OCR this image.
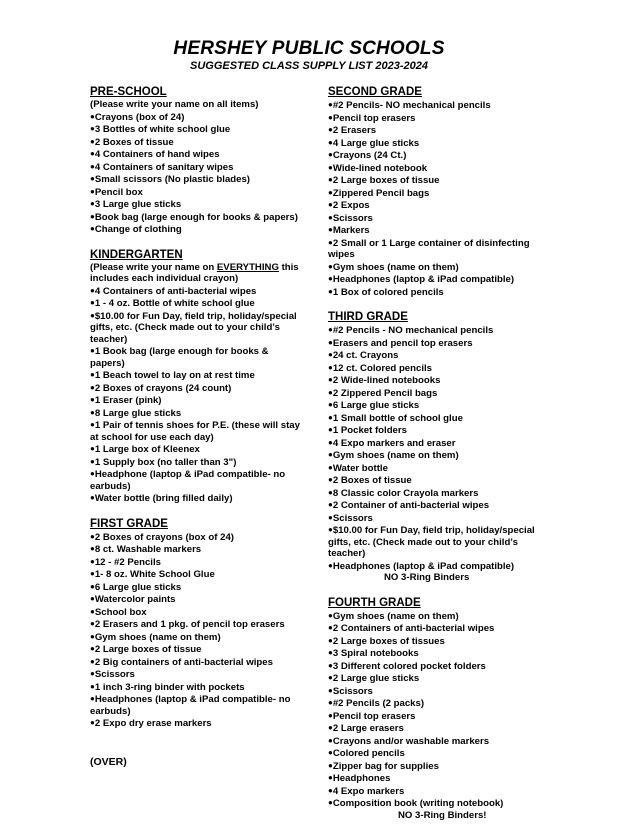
HERSHEY PUBLIC SCHOOLS
SUGGESTED CLASS SUPPLY LIST 2023-2024
PRE-SCHOOL
(Please write your name on all items)
● Crayons (box of 24)
● 3 Bottles of white school glue
● 2 Boxes of tissue
● 4 Containers of hand wipes
● 4 Containers of sanitary wipes
● Small scissors (No plastic blades)
● Pencil box
● 3 Large glue sticks
● Book bag (large enough for books & papers)
● Change of clothing
KINDERGARTEN
(Please write your name on EVERYTHING this includes each individual crayon)
● 4 Containers of anti-bacterial wipes
● 1 - 4 oz. Bottle of white school glue
● $10.00 for Fun Day, field trip, holiday/special gifts, etc. (Check made out to your child’s teacher)
● 1 Book bag (large enough for books & papers)
● 1 Beach towel to lay on at rest time
● 2 Boxes of crayons (24 count)
● 1 Eraser (pink)
● 8 Large glue sticks
● 1 Pair of tennis shoes for P.E. (these will stay at school for use each day)
● 1 Large box of Kleenex
● 1 Supply box (no taller than 3")
● Headphone (laptop & iPad compatible- no earbuds)
● Water bottle (bring filled daily)
FIRST GRADE
● 2 Boxes of crayons (box of 24)
● 8 ct. Washable markers
● 12 - #2 Pencils
● 1- 8 oz. White School Glue
● 6 Large glue sticks
● Watercolor paints
● School box
● 2 Erasers and 1 pkg. of pencil top erasers
● Gym shoes (name on them)
● 2 Large boxes of tissue
● 2 Big containers of anti-bacterial wipes
● Scissors
● 1 inch 3-ring binder with pockets
● Headphones (laptop & iPad compatible- no earbuds)
● 2 Expo dry erase markers
(OVER)
SECOND GRADE
● #2 Pencils- NO mechanical pencils
● Pencil top erasers
● 2 Erasers
● 4 Large glue sticks
● Crayons (24 Ct.)
● Wide-lined notebook
● 2 Large boxes of tissue
● Zippered Pencil bags
● 2 Expos
● Scissors
● Markers
● 2 Small or 1 Large container of disinfecting wipes
● Gym shoes (name on them)
● Headphones (laptop & iPad compatible)
● 1 Box of colored pencils
THIRD GRADE
● #2 Pencils - NO mechanical pencils
● Erasers and pencil top erasers
● 24 ct. Crayons
● 12 ct. Colored pencils
● 2 Wide-lined notebooks
● 2 Zippered Pencil bags
● 6 Large glue sticks
● 1 Small bottle of school glue
● 1 Pocket folders
● 4 Expo markers and eraser
● Gym shoes (name on them)
● Water bottle
● 2 Boxes of tissue
● 8 Classic color Crayola markers
● 2 Container of anti-bacterial wipes
● Scissors
● $10.00 for Fun Day, field trip, holiday/special gifts, etc. (Check made out to your child’s teacher)
● Headphones (laptop & iPad compatible)
NO 3-Ring Binders
FOURTH GRADE
● Gym shoes (name on them)
● 2 Containers of anti-bacterial wipes
● 2 Large boxes of tissues
● 3 Spiral notebooks
● 3 Different colored pocket folders
● 2 Large glue sticks
● Scissors
● #2 Pencils (2 packs)
● Pencil top erasers
● 2 Large erasers
● Crayons and/or washable markers
● Colored pencils
● Zipper bag for supplies
● Headphones
● 4 Expo markers
● Composition book (writing notebook)
NO 3-Ring Binders!
